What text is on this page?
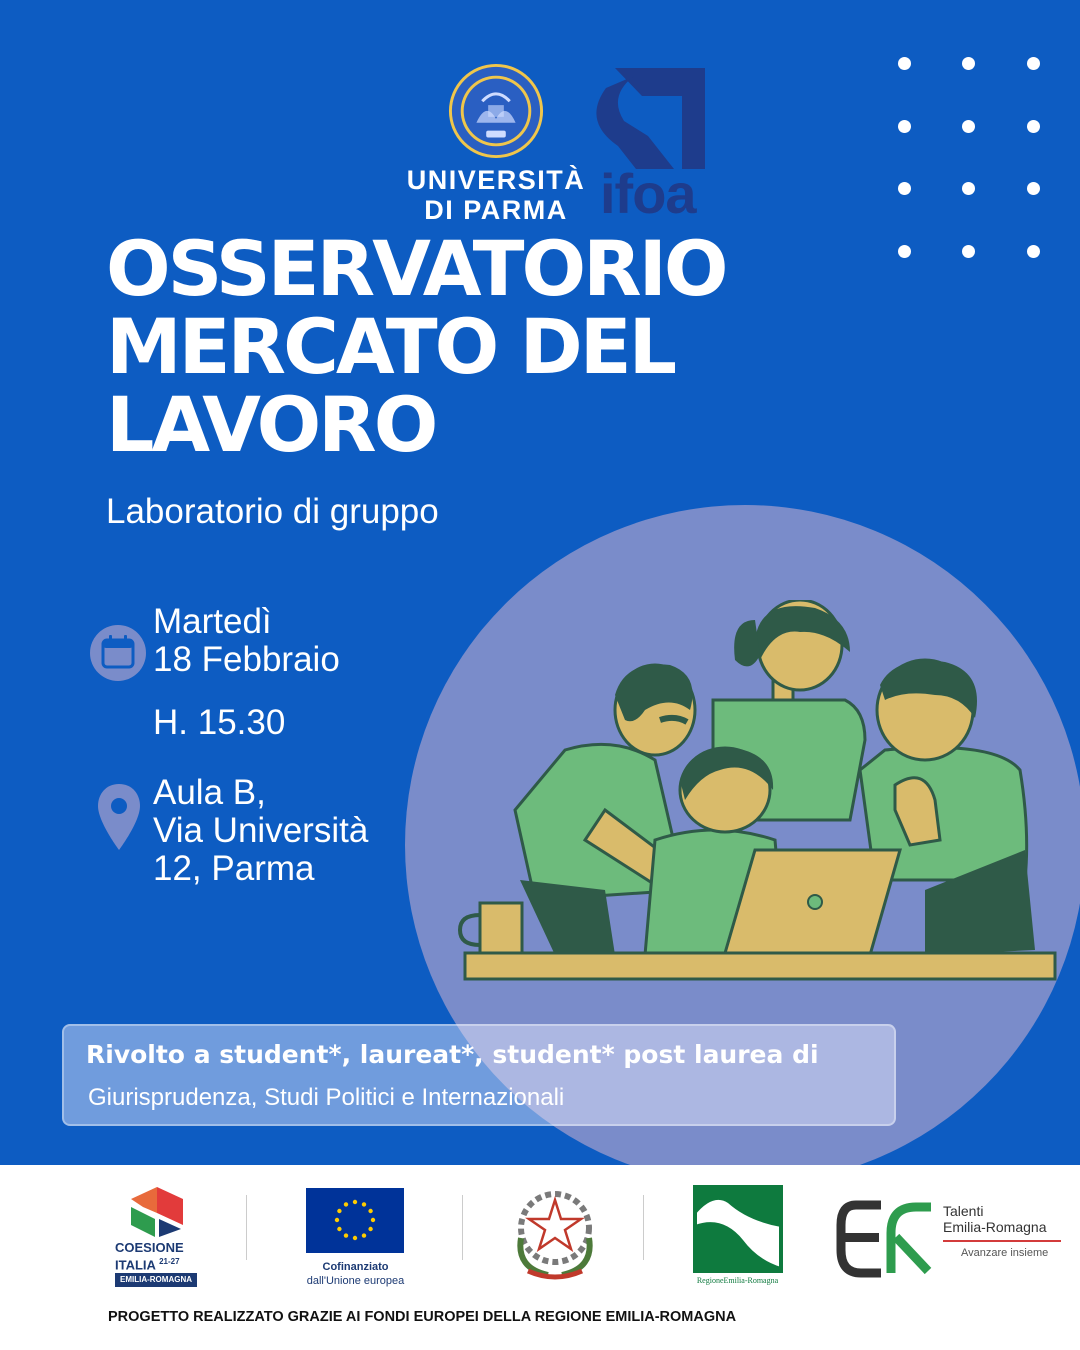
UNIVERSITÀ
DI PARMA ifoa
OSSERVATORIO
MERCATO DEL
LAVORO
Laboratorio di gruppo
Martedì
18 Febbraio
H. 15.30
Aula B,
Via Università
12, Parma
Rivolto a student*, laureat*, student* post laurea di
Giurisprudenza, Studi Politici e Internazionali
COESIONE
ITALIA $^{21-27}$
EMILIA-ROMAGNA
Cofinanziato
dall'Unione europea	RegioneEmilia-Romagna
Talenti
Emilia-Romagna
Avanzare insieme
PROGETTO REALIZZATO GRAZIE AI FONDI EUROPEI DELLA REGIONE EMILIA-ROMAGNA
